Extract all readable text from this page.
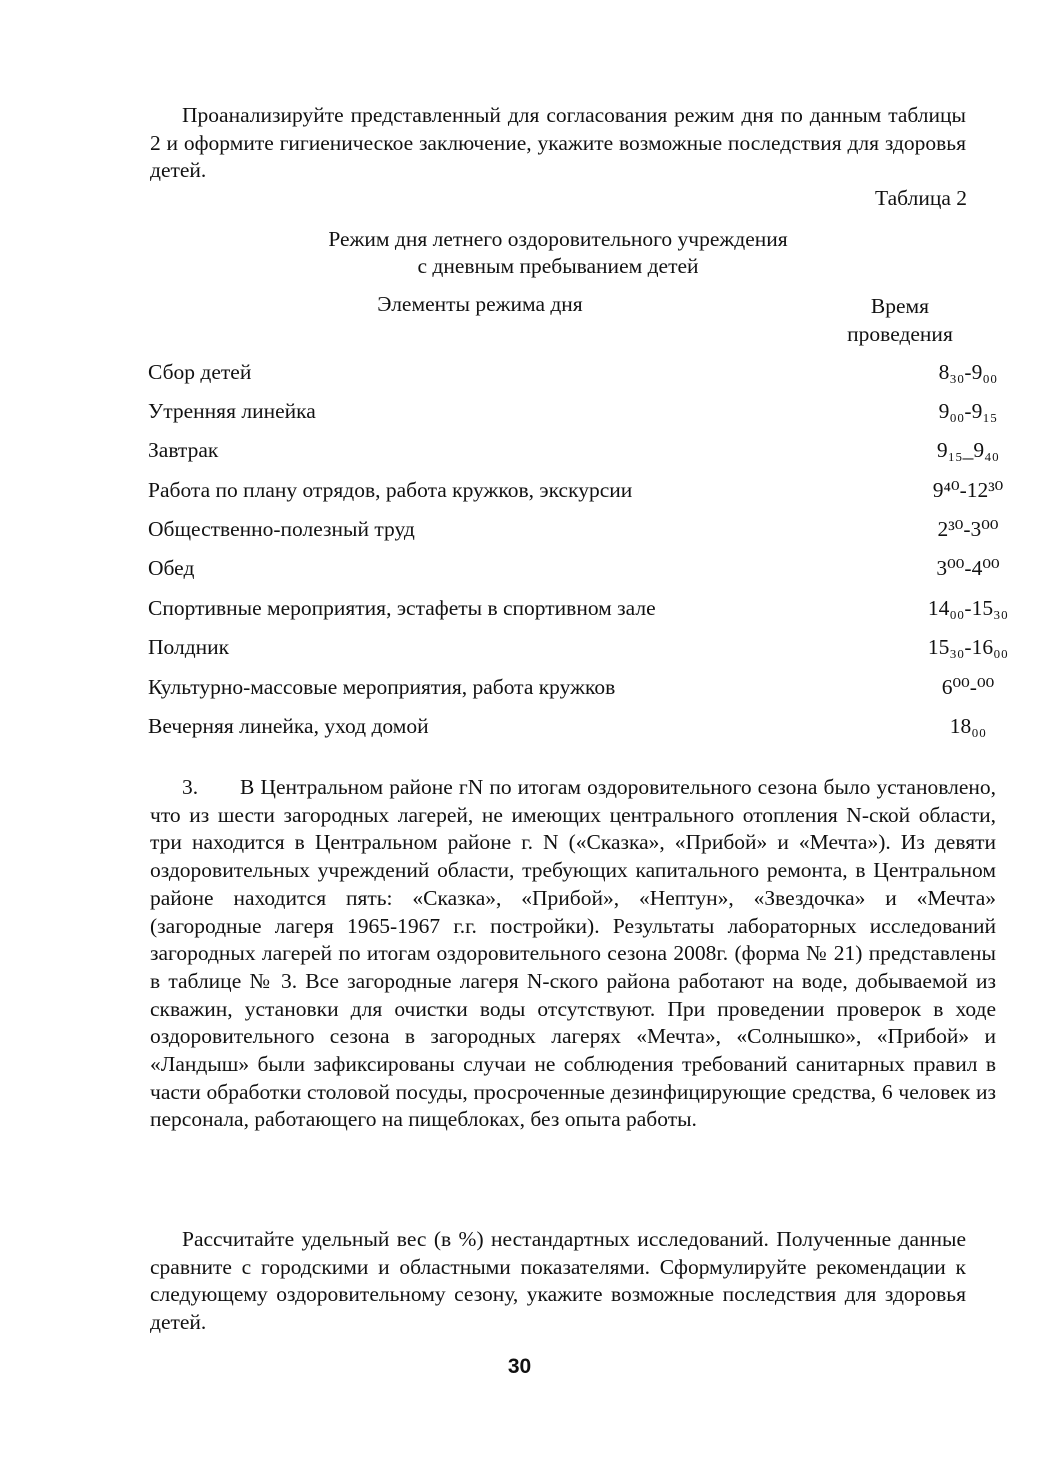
Проанализируйте представленный для согласования режим дня по данным таблицы 2 и оформите гигиеническое заключение, укажите возможные последствия для здоровья детей.

Таблица 2

Режим дня летнего оздоровительного учреждения

с дневным пребыванием детей

Элементы режима дня	Время
проведения
Сбор детей	8₃₀-9₀₀
Утренняя линейка	9₀₀-9₁₅
Завтрак	9₁₅_9₄₀
Работа по плану отрядов, работа кружков, экскурсии	9⁴⁰-12³⁰
Общественно-полезный труд	2³⁰-3⁰⁰
Обед	3⁰⁰-4⁰⁰
Спортивные мероприятия, эстафеты в спортивном зале	14₀₀-15₃₀
Полдник	15₃₀-16₀₀
Культурно-массовые мероприятия, работа кружков	6⁰⁰-⁰⁰
Вечерняя линейка, уход домой	18₀₀
3. В Центральном районе гN по итогам оздоровительного сезона было установлено, что из шести загородных лагерей, не имеющих центрального отопления N-ской области, три находится в Центральном районе г. N («Сказка», «Прибой» и «Мечта»). Из девяти оздоровительных учреждений области, требующих капитального ремонта, в Центральном районе находится пять: «Сказка», «Прибой», «Нептун», «Звездочка» и «Мечта» (загородные лагеря 1965-1967 г.г. постройки). Результаты лабораторных исследований загородных лагерей по итогам оздоровительного сезона 2008г. (форма № 21) представлены в таблице № 3. Все загородные лагеря N-ского района работают на воде, добываемой из скважин, установки для очистки воды отсутствуют. При проведении проверок в ходе оздоровительного сезона в загородных лагерях «Мечта», «Солнышко», «Прибой» и «Ландыш» были зафиксированы случаи не соблюдения требований санитарных правил в части обработки столовой посуды, просроченные дезинфицирующие средства, 6 человек из персонала, работающего на пищеблоках, без опыта работы.

Рассчитайте удельный вес (в %) нестандартных исследований. Полученные данные сравните с городскими и областными показателями. Сформулируйте рекомендации к следующему оздоровительному сезону, укажите возможные последствия для здоровья детей.

30
